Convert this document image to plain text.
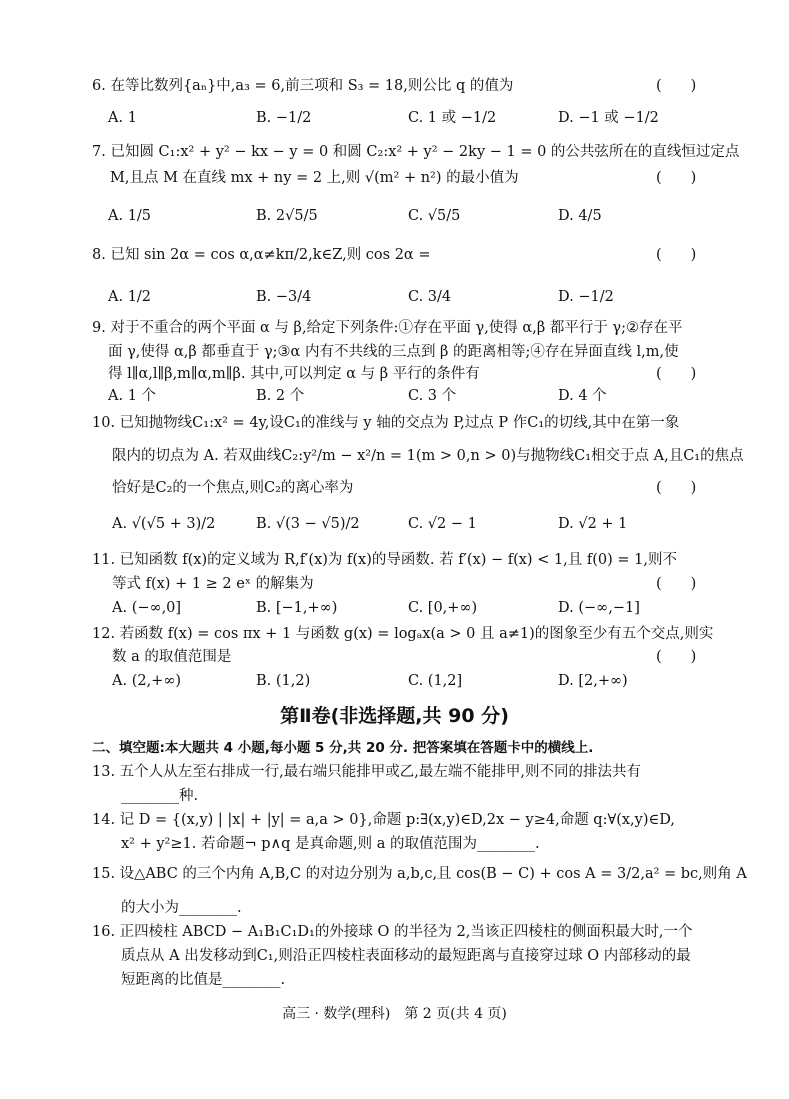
6. 在等比数列{aₙ}中,a₃ = 6,前三项和 S₃ = 18,则公比 q 的值为	(　　)
A. 1	B. −1/2	C. 1 或 −1/2	D. −1 或 −1/2
7. 已知圆 C₁:x² + y² − kx − y = 0 和圆 C₂:x² + y² − 2ky − 1 = 0 的公共弦所在的直线恒过定点
M,且点 M 在直线 mx + ny = 2 上,则 √(m² + n²) 的最小值为	(　　)
A. 1/5	B. 2√5/5	C. √5/5	D. 4/5
8. 已知 sin 2α = cos α,α≠kπ/2,k∈Z,则 cos 2α =	(　　)
A. 1/2	B. −3/4	C. 3/4	D. −1/2
9. 对于不重合的两个平面 α 与 β,给定下列条件:①存在平面 γ,使得 α,β 都平行于 γ;②存在平
面 γ,使得 α,β 都垂直于 γ;③α 内有不共线的三点到 β 的距离相等;④存在异面直线 l,m,使
得 l∥α,l∥β,m∥α,m∥β. 其中,可以判定 α 与 β 平行的条件有	(　　)
A. 1 个	B. 2 个	C. 3 个	D. 4 个
10. 已知抛物线C₁:x² = 4y,设C₁的准线与 y 轴的交点为 P,过点 P 作C₁的切线,其中在第一象
限内的切点为 A. 若双曲线C₂:y²/m − x²/n = 1(m > 0,n > 0)与抛物线C₁相交于点 A,且C₁的焦点
恰好是C₂的一个焦点,则C₂的离心率为	(　　)
A. √(√5 + 3)/2	B. √(3 − √5)/2	C. √2 − 1	D. √2 + 1
11. 已知函数 f(x)的定义域为 R,f′(x)为 f(x)的导函数. 若 f′(x) − f(x) < 1,且 f(0) = 1,则不
等式 f(x) + 1 ≥ 2 eˣ 的解集为	(　　)
A. (−∞,0]	B. [−1,+∞)	C. [0,+∞)	D. (−∞,−1]
12. 若函数 f(x) = cos πx + 1 与函数 g(x) = logₐx(a > 0 且 a≠1)的图象至少有五个交点,则实
数 a 的取值范围是	(　　)
A. (2,+∞)	B. (1,2)	C. (1,2]	D. [2,+∞)
第Ⅱ卷(非选择题,共 90 分)
二、填空题:本大题共 4 小题,每小题 5 分,共 20 分. 把答案填在答题卡中的横线上.
13. 五个人从左至右排成一行,最右端只能排甲或乙,最左端不能排甲,则不同的排法共有
　　________种.
14. 记 D = {(x,y) | |x| + |y| = a,a > 0},命题 p:∃(x,y)∈D,2x − y≥4,命题 q:∀(x,y)∈D,
　　x² + y²≥1. 若命题¬ p∧q 是真命题,则 a 的取值范围为________.
15. 设△ABC 的三个内角 A,B,C 的对边分别为 a,b,c,且 cos(B − C) + cos A = 3/2,a² = bc,则角 A
　　的大小为________.
16. 正四棱柱 ABCD − A₁B₁C₁D₁的外接球 O 的半径为 2,当该正四棱柱的侧面积最大时,一个
　　质点从 A 出发移动到C₁,则沿正四棱柱表面移动的最短距离与直接穿过球 O 内部移动的最
　　短距离的比值是________.
高三 · 数学(理科)　第 2 页(共 4 页)
